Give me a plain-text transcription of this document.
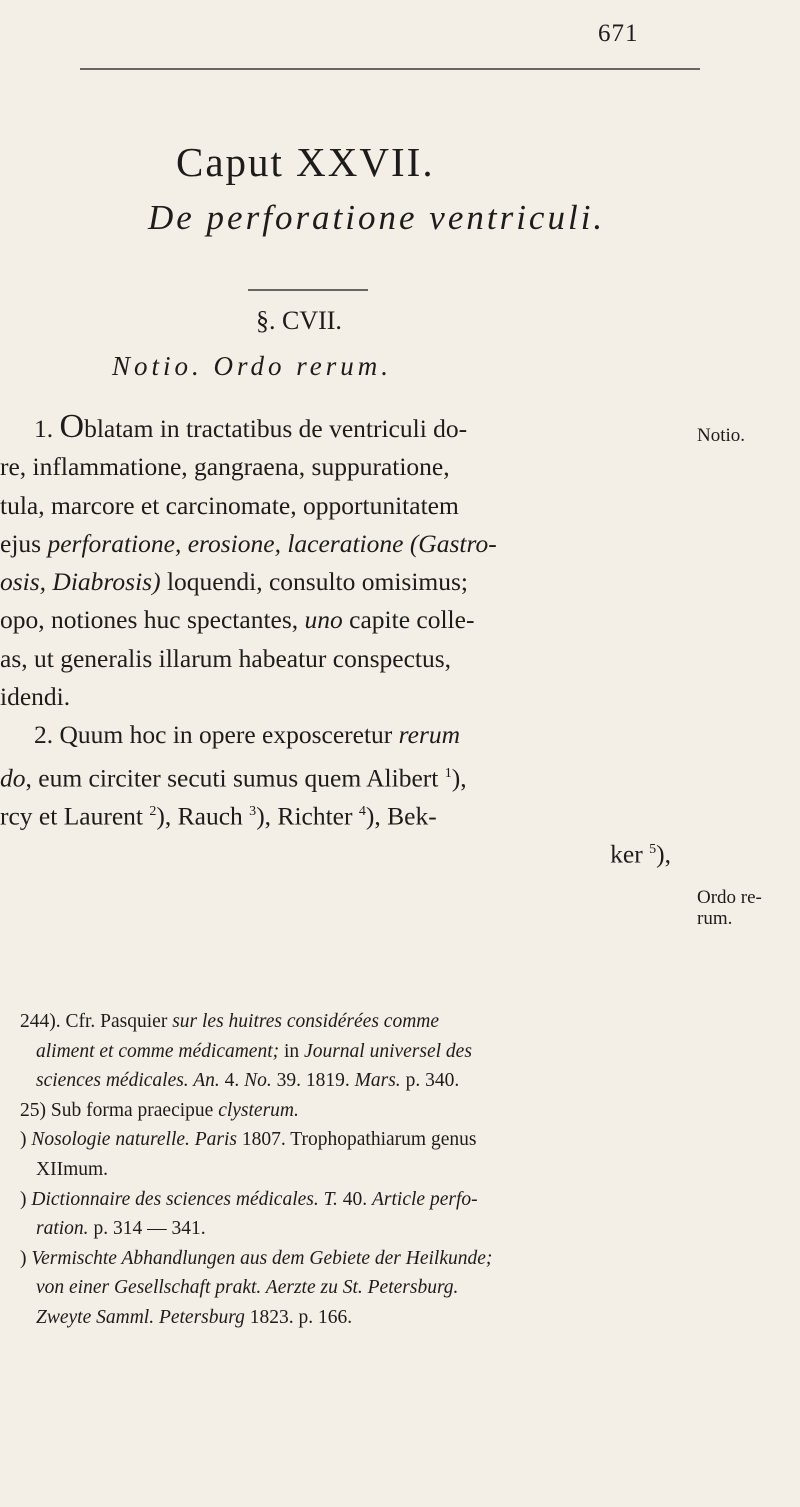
671
Caput XXVII.
De perforatione ventriculi.
§. CVII.
Notio. Ordo rerum.
Notio.
Ordo re-
rum.
1. Oblatam in tractatibus de ventriculi do-
re, inflammatione, gangraena, suppuratione,
tula, marcore et carcinomate, opportunitatem
ejus perforatione, erosione, laceratione (Gastro-
osis, Diabrosis) loquendi, consulto omisimus;
opo, notiones huc spectantes, uno capite colle-
as, ut generalis illarum habeatur conspectus,
idendi.
2. Quum hoc in opere exposceretur rerum
do, eum circiter secuti sumus quem Alibert $^1$),
rcy et Laurent $^2$), Rauch $^3$), Richter $^4$), Bek-
ker $^5$),
244). Cfr. Pasquier sur les huitres considérées comme
aliment et comme médicament; in Journal universel des
sciences médicales. An. 4. No. 39. 1819. Mars. p. 340.
25) Sub forma praecipue clysterum.
) Nosologie naturelle. Paris 1807. Trophopathiarum genus
XIImum.
) Dictionnaire des sciences médicales. T. 40. Article perfo-
ration. p. 314 — 341.
) Vermischte Abhandlungen aus dem Gebiete der Heilkunde;
von einer Gesellschaft prakt. Aerzte zu St. Petersburg.
Zweyte Samml. Petersburg 1823. p. 166.
